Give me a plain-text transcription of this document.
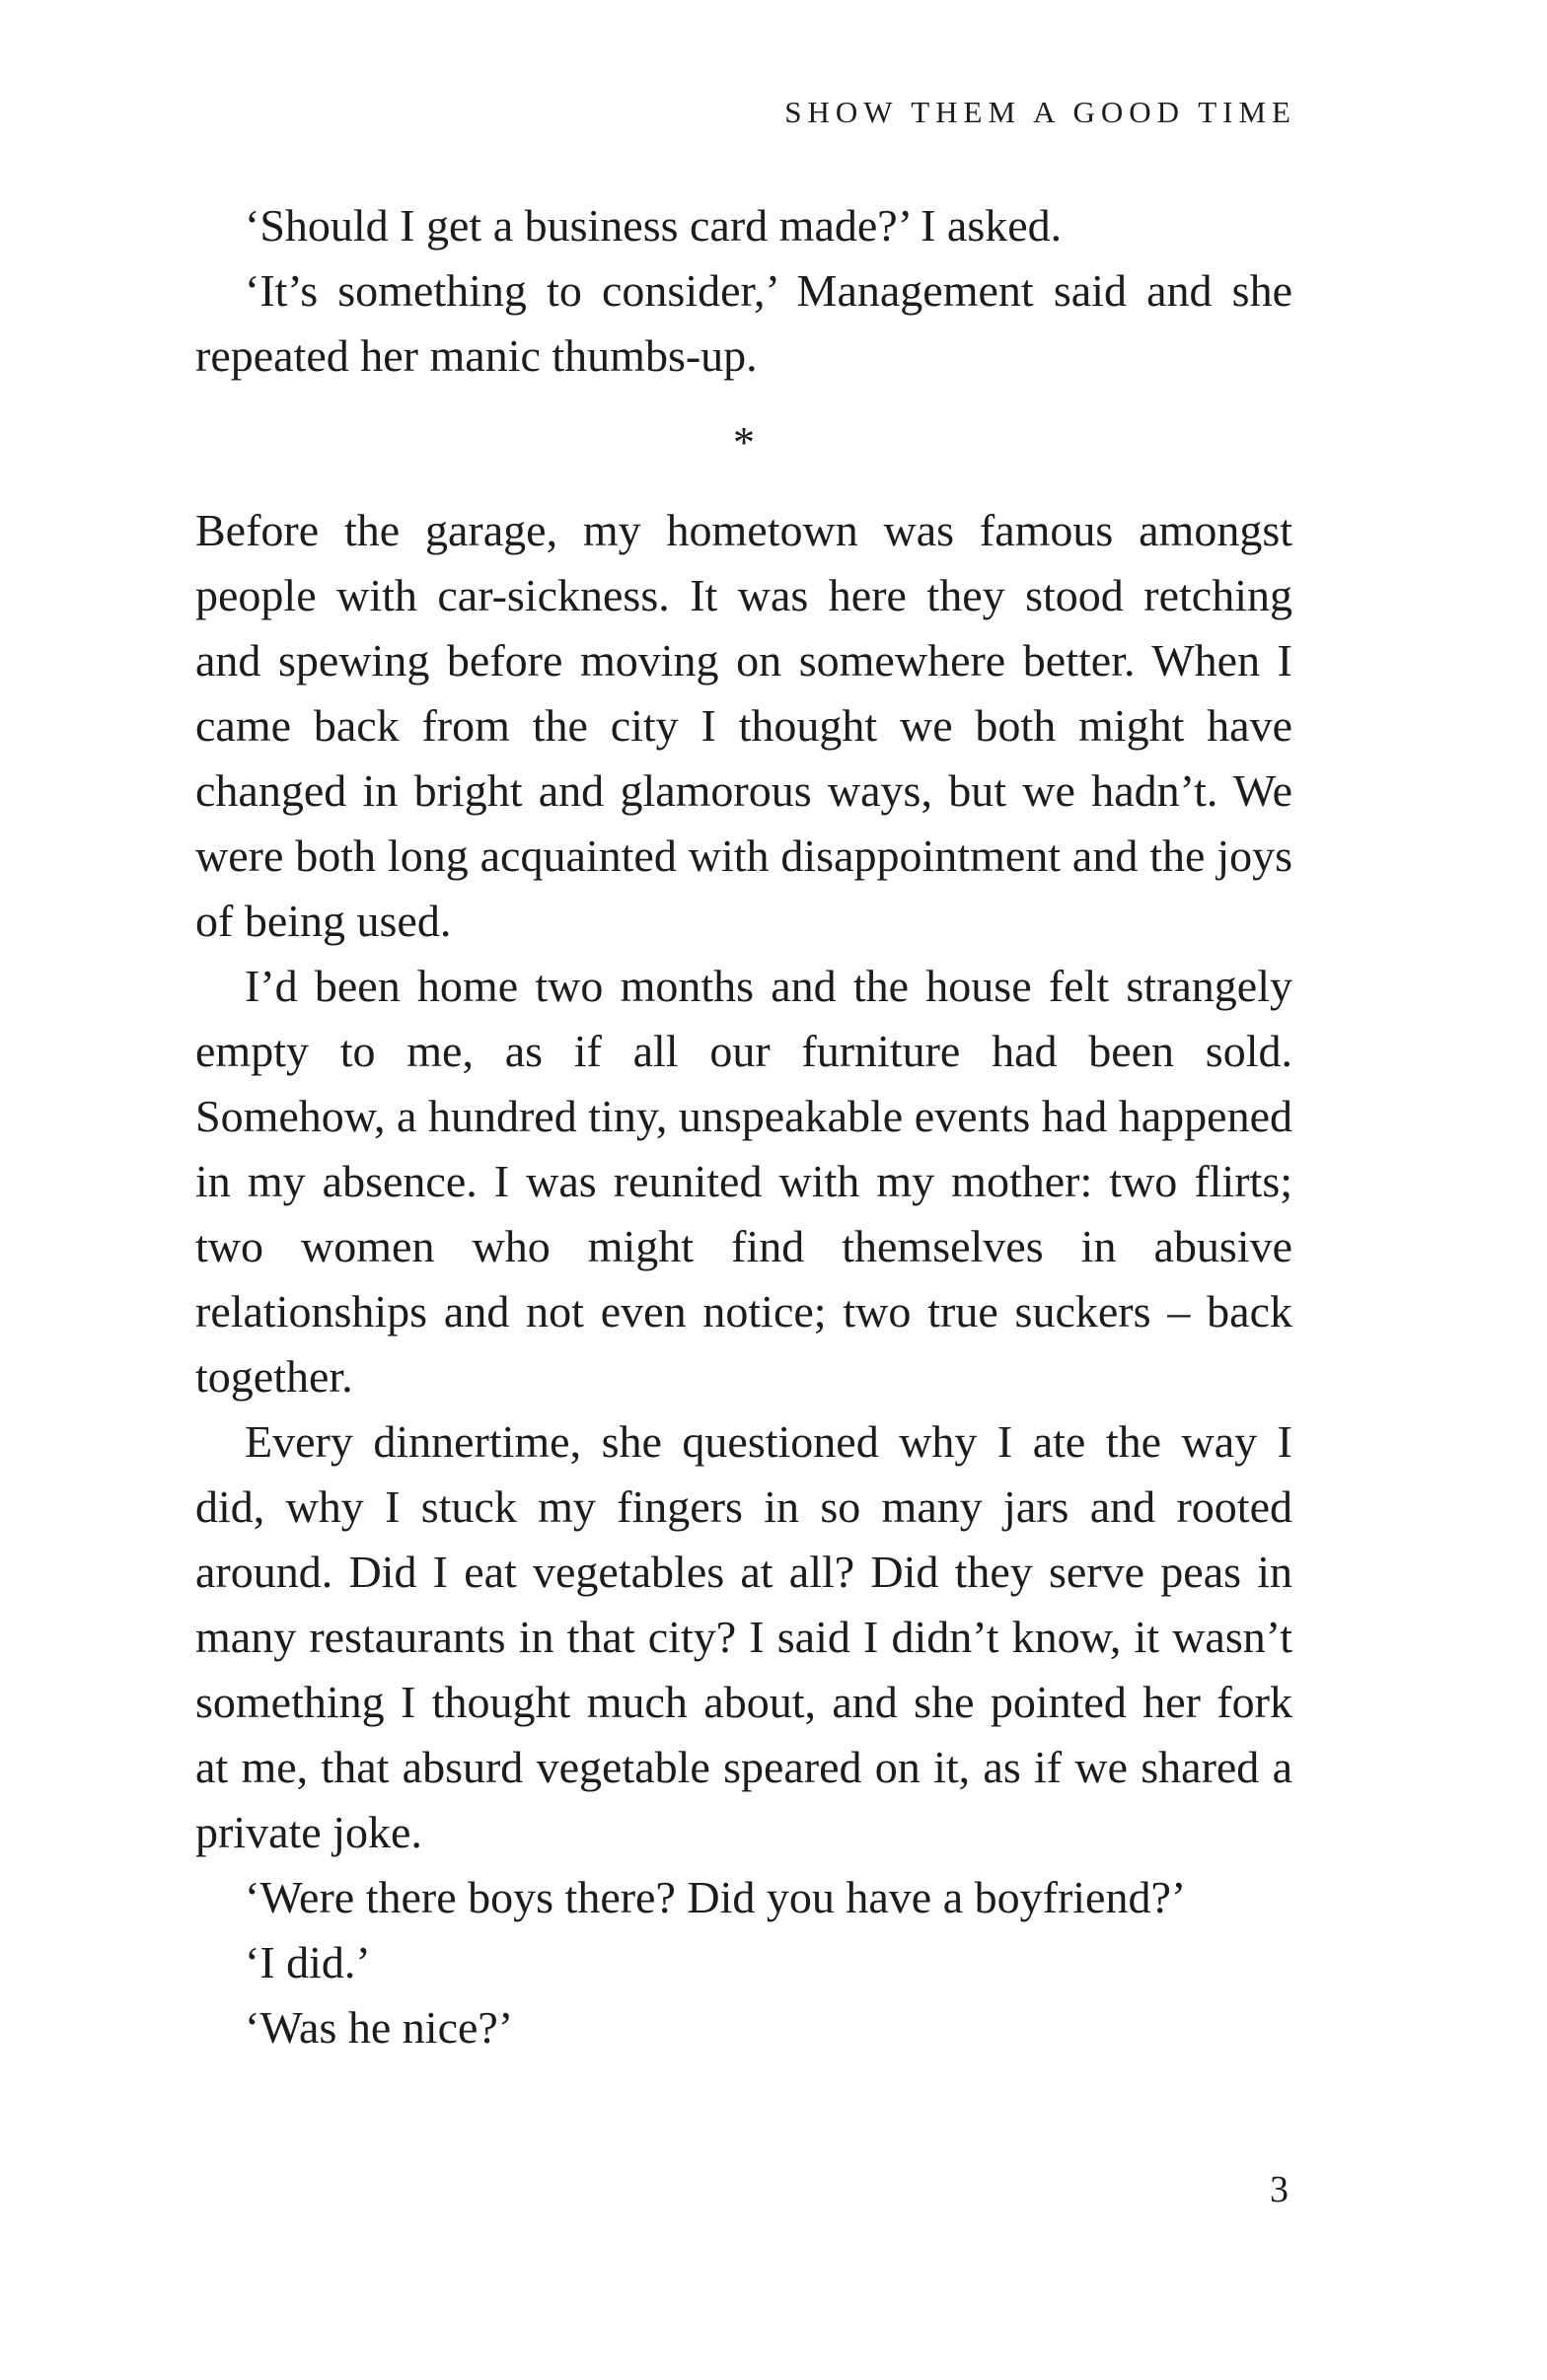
SHOW THEM A GOOD TIME

‘Should I get a business card made?’ I asked.

‘It’s something to consider,’ Management said and she repeated her manic thumbs-up.

*

Before the garage, my hometown was famous amongst people with car-sickness. It was here they stood retching and spewing before moving on somewhere better. When I came back from the city I thought we both might have changed in bright and glamorous ways, but we hadn’t. We were both long acquainted with disappointment and the joys of being used.

I’d been home two months and the house felt strangely empty to me, as if all our furniture had been sold. Somehow, a hundred tiny, unspeakable events had happened in my absence. I was reunited with my mother: two flirts; two women who might find themselves in abusive relationships and not even notice; two true suckers – back together.

Every dinnertime, she questioned why I ate the way I did, why I stuck my fingers in so many jars and rooted around. Did I eat vegetables at all? Did they serve peas in many restaurants in that city? I said I didn’t know, it wasn’t something I thought much about, and she pointed her fork at me, that absurd vegetable speared on it, as if we shared a private joke.

‘Were there boys there? Did you have a boyfriend?’

‘I did.’

‘Was he nice?’

3
